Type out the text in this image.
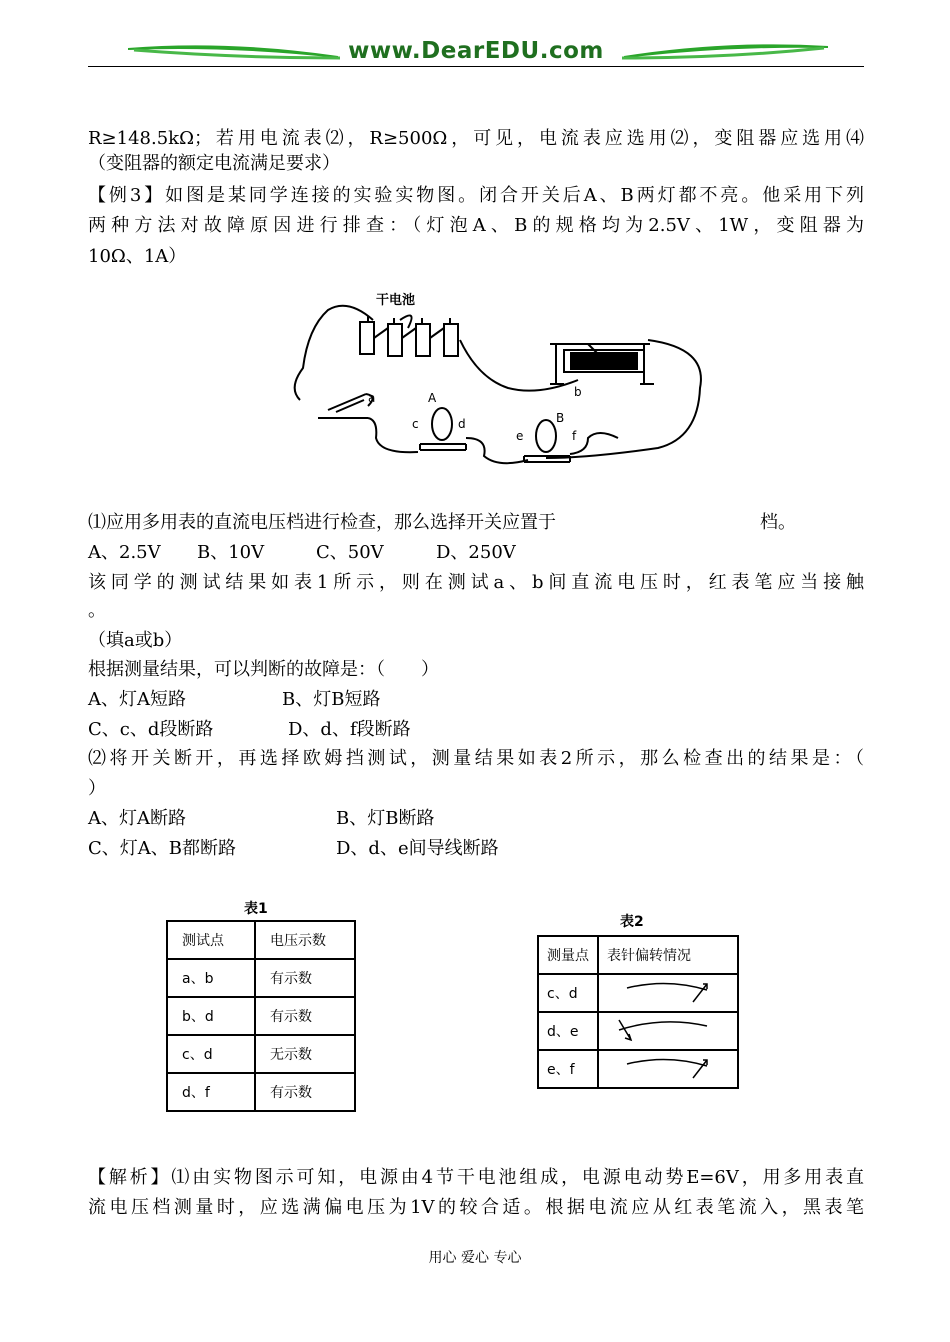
www.DearEDU.com
R≥148.5kΩ；若用电流表⑵，R≥500Ω，可见，电流表应选用⑵，变阻器应选用⑷
（变阻器的额定电流满足要求）
【例3】如图是某同学连接的实验实物图。闭合开关后A、B两灯都不亮。他采用下列
两种方法对故障原因进行排查：（灯泡A、B的规格均为2.5V、1W，变阻器为
10Ω、1A）
干电池
a	b
A
c	d	B
e	f
⑴应用多用表的直流电压档进行检查，那么选择开关应置于	档。
A、2.5V B、10V	C、50V	D、250V
该同学的测试结果如表1所示，则在测试a、b间直流电压时，红表笔应当接触
。
（填a或b）
根据测量结果，可以判断的故障是：（　　）
A、灯A短路	B、灯B短路
C、c、d段断路	D、d、f段断路
⑵将开关断开，再选择欧姆挡测试，测量结果如表2所示，那么检查出的结果是：（
）
A、灯A断路	B、灯B断路
C、灯A、B都断路	D、d、e间导线断路
表1
测试点	电压示数
a、b	有示数
b、d	有示数
c、d	无示数
d、f	有示数
表2
测量点	表针偏转情况
c、d	
d、e	
e、f	
【解析】⑴由实物图示可知，电源由4节干电池组成，电源电动势E=6V，用多用表直
流电压档测量时，应选满偏电压为1V的较合适。根据电流应从红表笔流入，黑表笔
用心 爱心 专心
